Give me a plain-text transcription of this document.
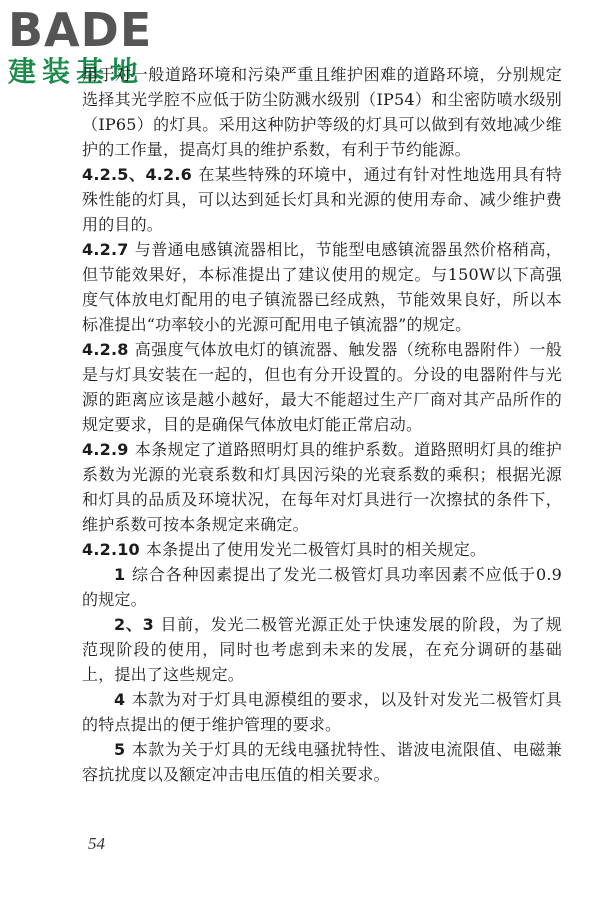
BADE
建装基地

用于对一般道路环境和污染严重且维护困难的道路环境，分别规定选择其光学腔不应低于防尘防溅水级别（IP54）和尘密防喷水级别（IP65）的灯具。采用这种防护等级的灯具可以做到有效地减少维护的工作量，提高灯具的维护系数，有利于节约能源。

4.2.5、4.2.6 在某些特殊的环境中，通过有针对性地选用具有特殊性能的灯具，可以达到延长灯具和光源的使用寿命、减少维护费用的目的。

4.2.7 与普通电感镇流器相比，节能型电感镇流器虽然价格稍高，但节能效果好，本标准提出了建议使用的规定。与150W以下高强度气体放电灯配用的电子镇流器已经成熟，节能效果良好，所以本标准提出“功率较小的光源可配用电子镇流器”的规定。

4.2.8 高强度气体放电灯的镇流器、触发器（统称电器附件）一般是与灯具安装在一起的，但也有分开设置的。分设的电器附件与光源的距离应该是越小越好，最大不能超过生产厂商对其产品所作的规定要求，目的是确保气体放电灯能正常启动。

4.2.9 本条规定了道路照明灯具的维护系数。道路照明灯具的维护系数为光源的光衰系数和灯具因污染的光衰系数的乘积；根据光源和灯具的品质及环境状况，在每年对灯具进行一次擦拭的条件下，维护系数可按本条规定来确定。

4.2.10 本条提出了使用发光二极管灯具时的相关规定。

1 综合各种因素提出了发光二极管灯具功率因素不应低于0.9的规定。

2、3 目前，发光二极管光源正处于快速发展的阶段，为了规范现阶段的使用，同时也考虑到未来的发展，在充分调研的基础上，提出了这些规定。

4 本款为对于灯具电源模组的要求，以及针对发光二极管灯具的特点提出的便于维护管理的要求。

5 本款为关于灯具的无线电骚扰特性、谐波电流限值、电磁兼容抗扰度以及额定冲击电压值的相关要求。

54
